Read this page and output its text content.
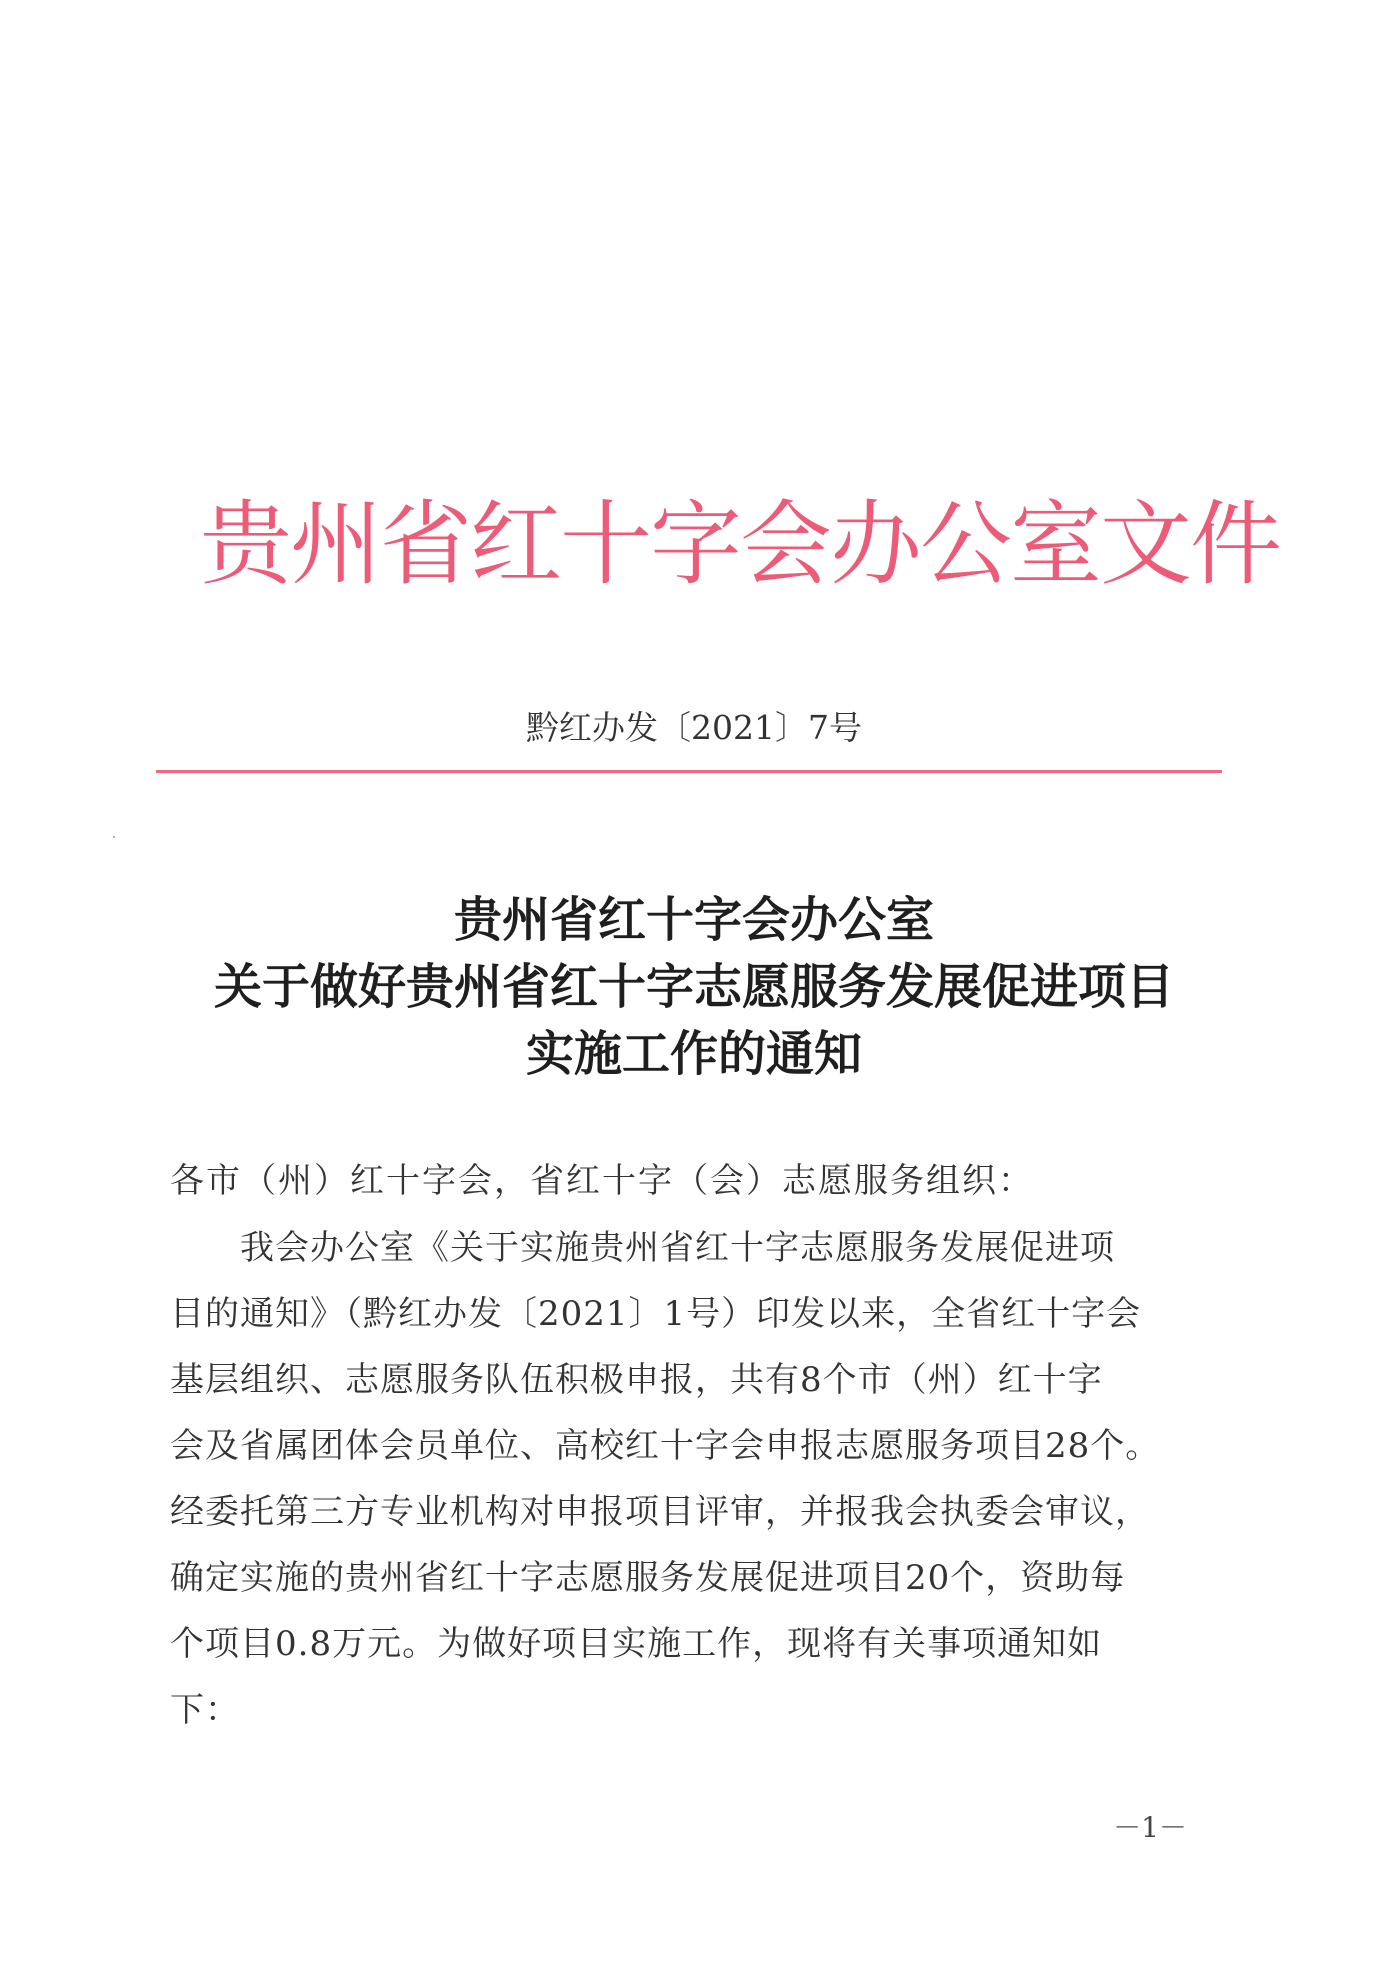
贵州省红十字会办公室文件
黔红办发〔2021〕7号
贵州省红十字会办公室
关于做好贵州省红十字志愿服务发展促进项目
实施工作的通知
各市（州）红十字会，省红十字（会）志愿服务组织：
　　我会办公室《关于实施贵州省红十字志愿服务发展促进项
目的通知》（黔红办发〔2021〕1号）印发以来，全省红十字会
基层组织、志愿服务队伍积极申报，共有8个市（州）红十字
会及省属团体会员单位、高校红十字会申报志愿服务项目28个。
经委托第三方专业机构对申报项目评审，并报我会执委会审议，
确定实施的贵州省红十字志愿服务发展促进项目20个，资助每
个项目0.8万元。为做好项目实施工作，现将有关事项通知如
下：
－1－
